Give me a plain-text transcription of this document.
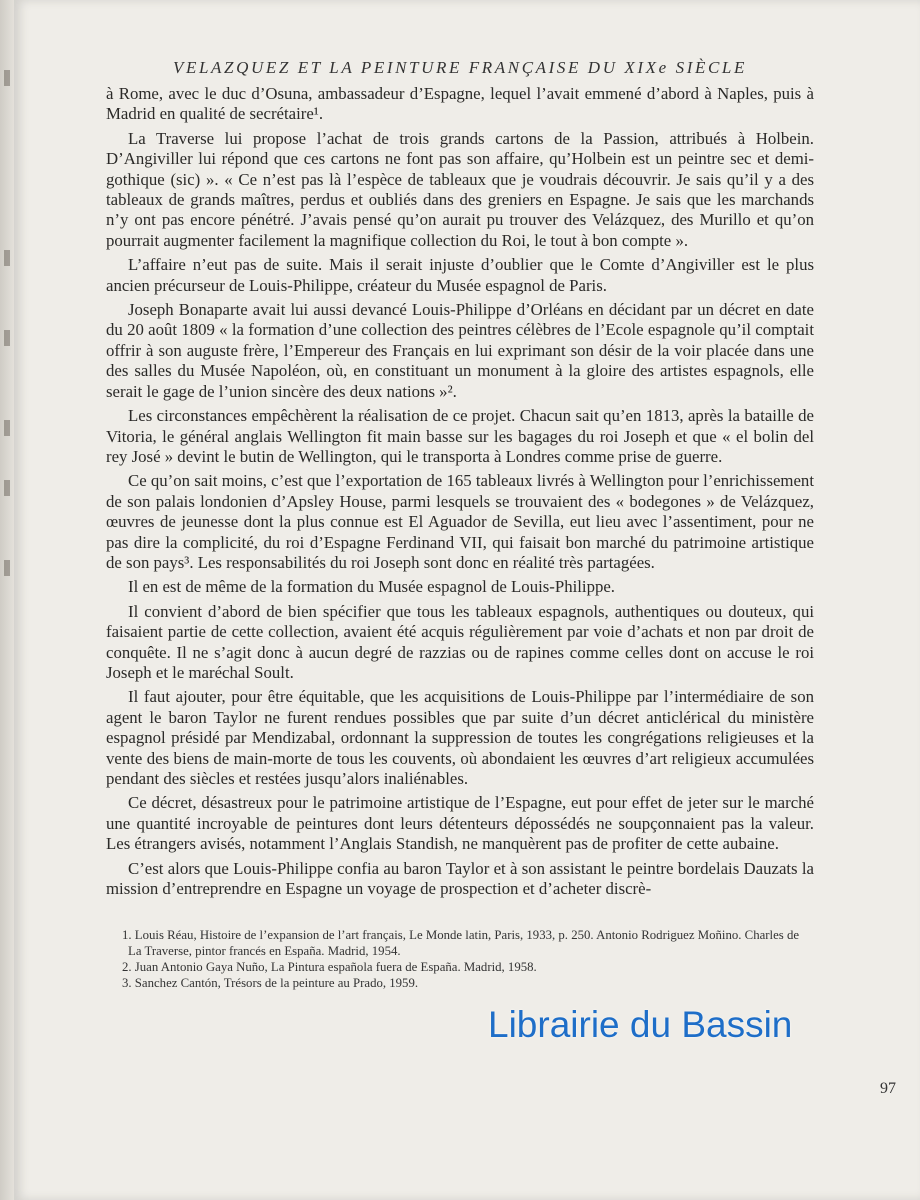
VELAZQUEZ ET LA PEINTURE FRANÇAISE DU XIXe SIÈCLE

à Rome, avec le duc d’Osuna, ambassadeur d’Espagne, lequel l’avait emmené d’abord à Naples, puis à Madrid en qualité de secrétaire¹.

La Traverse lui propose l’achat de trois grands cartons de la Passion, attribués à Holbein. D’Angiviller lui répond que ces cartons ne font pas son affaire, qu’Holbein est un peintre sec et demi-gothique (sic) ». « Ce n’est pas là l’espèce de tableaux que je voudrais découvrir. Je sais qu’il y a des tableaux de grands maîtres, perdus et oubliés dans des greniers en Espagne. Je sais que les marchands n’y ont pas encore pénétré. J’avais pensé qu’on aurait pu trouver des Velázquez, des Murillo et qu’on pourrait augmenter facilement la magnifique collection du Roi, le tout à bon compte ».

L’affaire n’eut pas de suite. Mais il serait injuste d’oublier que le Comte d’Angiviller est le plus ancien précurseur de Louis-Philippe, créateur du Musée espagnol de Paris.

Joseph Bonaparte avait lui aussi devancé Louis-Philippe d’Orléans en décidant par un décret en date du 20 août 1809 « la formation d’une collection des peintres célèbres de l’Ecole espagnole qu’il comptait offrir à son auguste frère, l’Empereur des Français en lui exprimant son désir de la voir placée dans une des salles du Musée Napoléon, où, en constituant un monument à la gloire des artistes espagnols, elle serait le gage de l’union sincère des deux nations »².

Les circonstances empêchèrent la réalisation de ce projet. Chacun sait qu’en 1813, après la bataille de Vitoria, le général anglais Wellington fit main basse sur les bagages du roi Joseph et que « el bolin del rey José » devint le butin de Wellington, qui le transporta à Londres comme prise de guerre.

Ce qu’on sait moins, c’est que l’exportation de 165 tableaux livrés à Wellington pour l’enrichissement de son palais londonien d’Apsley House, parmi lesquels se trouvaient des « bodegones » de Velázquez, œuvres de jeunesse dont la plus connue est El Aguador de Sevilla, eut lieu avec l’assentiment, pour ne pas dire la complicité, du roi d’Espagne Ferdinand VII, qui faisait bon marché du patrimoine artistique de son pays³. Les responsabilités du roi Joseph sont donc en réalité très partagées.

Il en est de même de la formation du Musée espagnol de Louis-Philippe.

Il convient d’abord de bien spécifier que tous les tableaux espagnols, authentiques ou douteux, qui faisaient partie de cette collection, avaient été acquis régulièrement par voie d’achats et non par droit de conquête. Il ne s’agit donc à aucun degré de razzias ou de rapines comme celles dont on accuse le roi Joseph et le maréchal Soult.

Il faut ajouter, pour être équitable, que les acquisitions de Louis-Philippe par l’intermédiaire de son agent le baron Taylor ne furent rendues possibles que par suite d’un décret anticlérical du ministère espagnol présidé par Mendizabal, ordonnant la suppression de toutes les congrégations religieuses et la vente des biens de main-morte de tous les couvents, où abondaient les œuvres d’art religieux accumulées pendant des siècles et restées jusqu’alors inaliénables.

Ce décret, désastreux pour le patrimoine artistique de l’Espagne, eut pour effet de jeter sur le marché une quantité incroyable de peintures dont leurs détenteurs dépossédés ne soupçonnaient pas la valeur. Les étrangers avisés, notamment l’Anglais Standish, ne manquèrent pas de profiter de cette aubaine.

C’est alors que Louis-Philippe confia au baron Taylor et à son assistant le peintre bordelais Dauzats la mission d’entreprendre en Espagne un voyage de prospection et d’acheter discrè-

1. Louis Réau, Histoire de l’expansion de l’art français, Le Monde latin, Paris, 1933, p. 250. Antonio Rodriguez Moñino. Charles de La Traverse, pintor francés en España. Madrid, 1954.

2. Juan Antonio Gaya Nuño, La Pintura española fuera de España. Madrid, 1958.

3. Sanchez Cantón, Trésors de la peinture au Prado, 1959.

97
Librairie du Bassin
